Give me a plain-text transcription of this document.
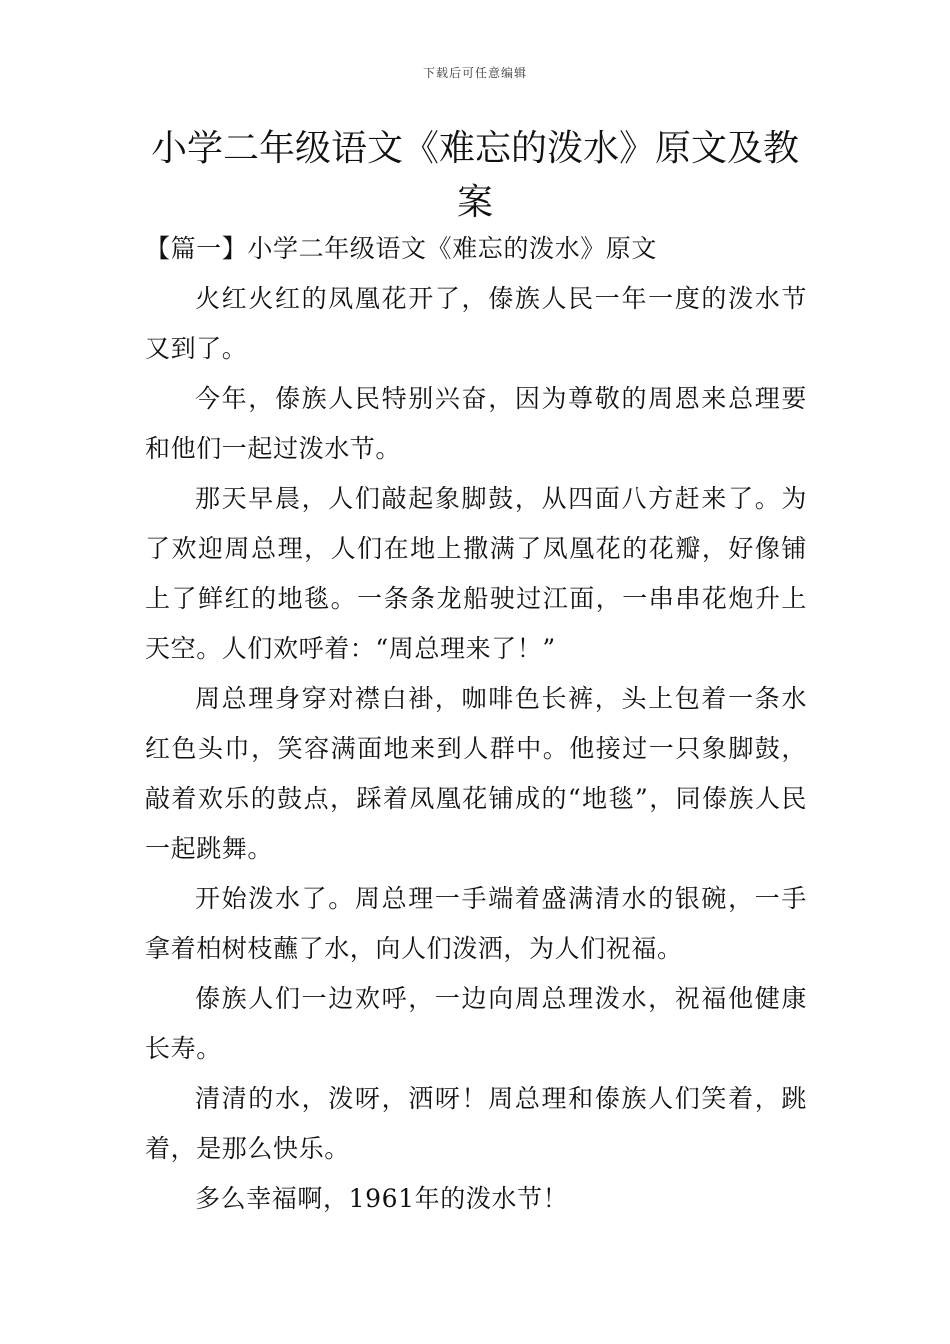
下载后可任意编辑
小学二年级语文《难忘的泼水》原文及教案

【篇一】小学二年级语文《难忘的泼水》原文

火红火红的凤凰花开了，傣族人民一年一度的泼水节又到了。

今年，傣族人民特别兴奋，因为尊敬的周恩来总理要和他们一起过泼水节。

那天早晨，人们敲起象脚鼓，从四面八方赶来了。为了欢迎周总理，人们在地上撒满了凤凰花的花瓣，好像铺上了鲜红的地毯。一条条龙船驶过江面，一串串花炮升上天空。人们欢呼着：“周总理来了！”

周总理身穿对襟白褂，咖啡色长裤，头上包着一条水红色头巾，笑容满面地来到人群中。他接过一只象脚鼓，敲着欢乐的鼓点，踩着凤凰花铺成的“地毯”，同傣族人民一起跳舞。

开始泼水了。周总理一手端着盛满清水的银碗，一手拿着柏树枝蘸了水，向人们泼洒，为人们祝福。

傣族人们一边欢呼，一边向周总理泼水，祝福他健康长寿。

清清的水，泼呀，洒呀！周总理和傣族人们笑着，跳着，是那么快乐。

多么幸福啊，1961年的泼水节！
